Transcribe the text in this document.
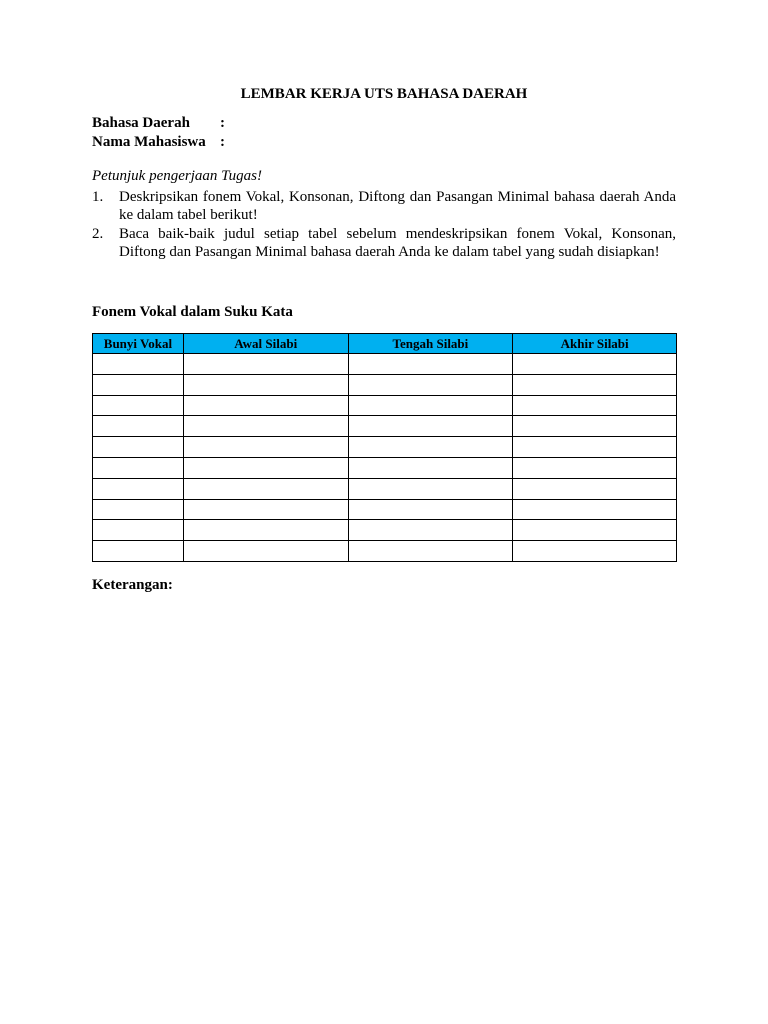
LEMBAR KERJA UTS BAHASA DAERAH
Bahasa Daerah :
Nama Mahasiswa :
Petunjuk pengerjaan Tugas!
1. Deskripsikan fonem Vokal, Konsonan, Diftong dan Pasangan Minimal bahasa daerah Anda ke dalam tabel berikut!
2. Baca baik-baik judul setiap tabel sebelum mendeskripsikan fonem Vokal, Konsonan, Diftong dan Pasangan Minimal bahasa daerah Anda ke dalam tabel yang sudah disiapkan!
Fonem Vokal dalam Suku Kata
Bunyi Vokal	Awal Silabi	Tengah Silabi	Akhir Silabi

Keterangan:
